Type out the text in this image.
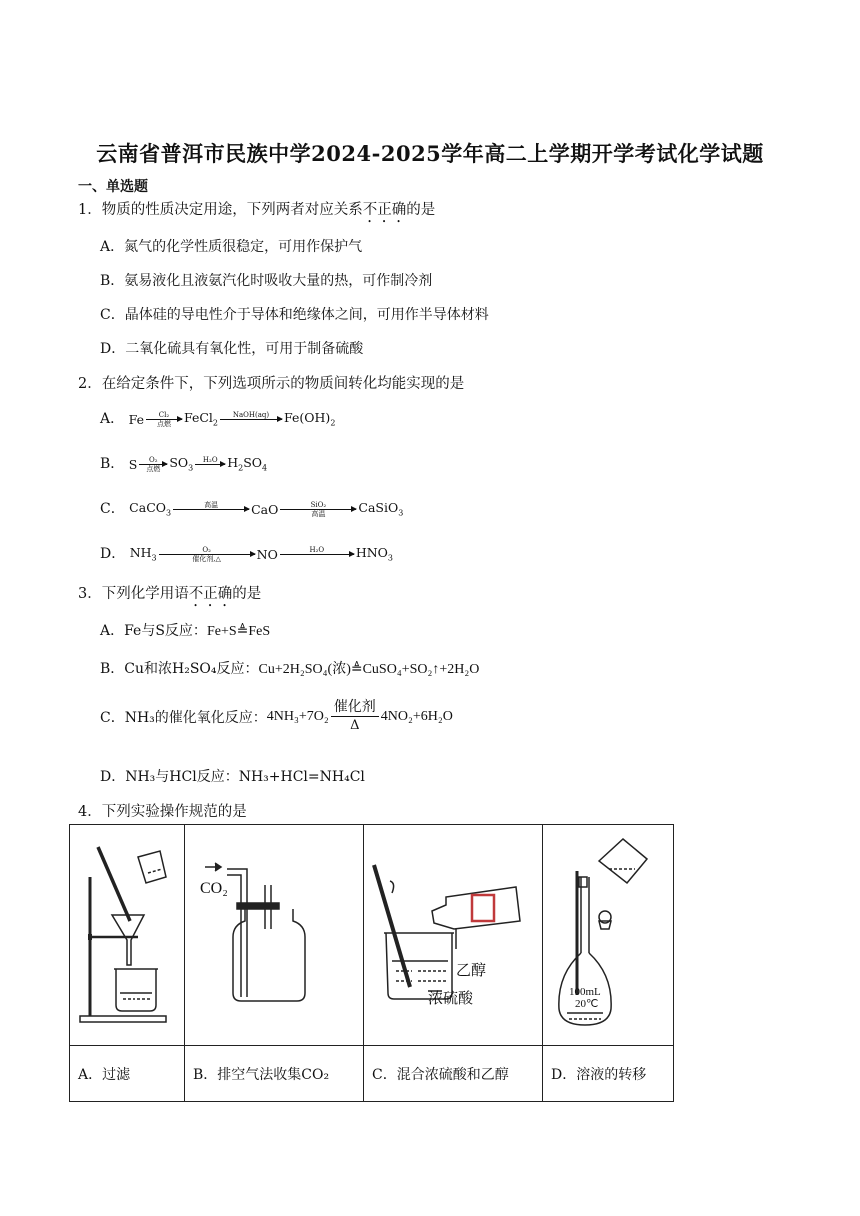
云南省普洱市民族中学2024-2025学年高二上学期开学考试化学试题
一、单选题
1．物质的性质决定用途，下列两者对应关系不正确的是
A．氮气的化学性质很稳定，可用作保护气
B．氨易液化且液氨汽化时吸收大量的热，可作制冷剂
C．晶体硅的导电性介于导体和绝缘体之间，可用作半导体材料
D．二氧化硫具有氧化性，可用于制备硫酸
2．在给定条件下，下列选项所示的物质间转化均能实现的是
A． Fe Cl₂
点燃 FeCl$_2$
NaOH(aq) $Fe(OH)_2$
B． S O₂
点燃 $SO_3$
H₂O $H_2SO_4$
C． CaCO$_3$
高温	CaO	SiO₂
高温	CaSiO$_3$
D． $NH_3$
O₂
催化剂,△	NO	H₂O	$HNO_3$
3．下列化学用语不正确的是
A．Fe与S反应：Fe+S≜FeS
B．Cu和浓H₂SO₄反应：Cu+2H₂SO₄(浓)≜CuSO₄+SO₂↑+2H₂O
C．NH₃的催化氧化反应： $4NH_3+7O_2 \frac{\text{催化剂}}{\Delta} 4NO_2+6H_2O$
D．NH₃与HCl反应：NH₃+HCl=NH₄Cl
4．下列实验操作规范的是

CO₂	乙醇
浓硫酸	100mL
20℃

A．过滤	B．排空气法收集CO₂	C．混合浓硫酸和乙醇	D．溶液的转移
